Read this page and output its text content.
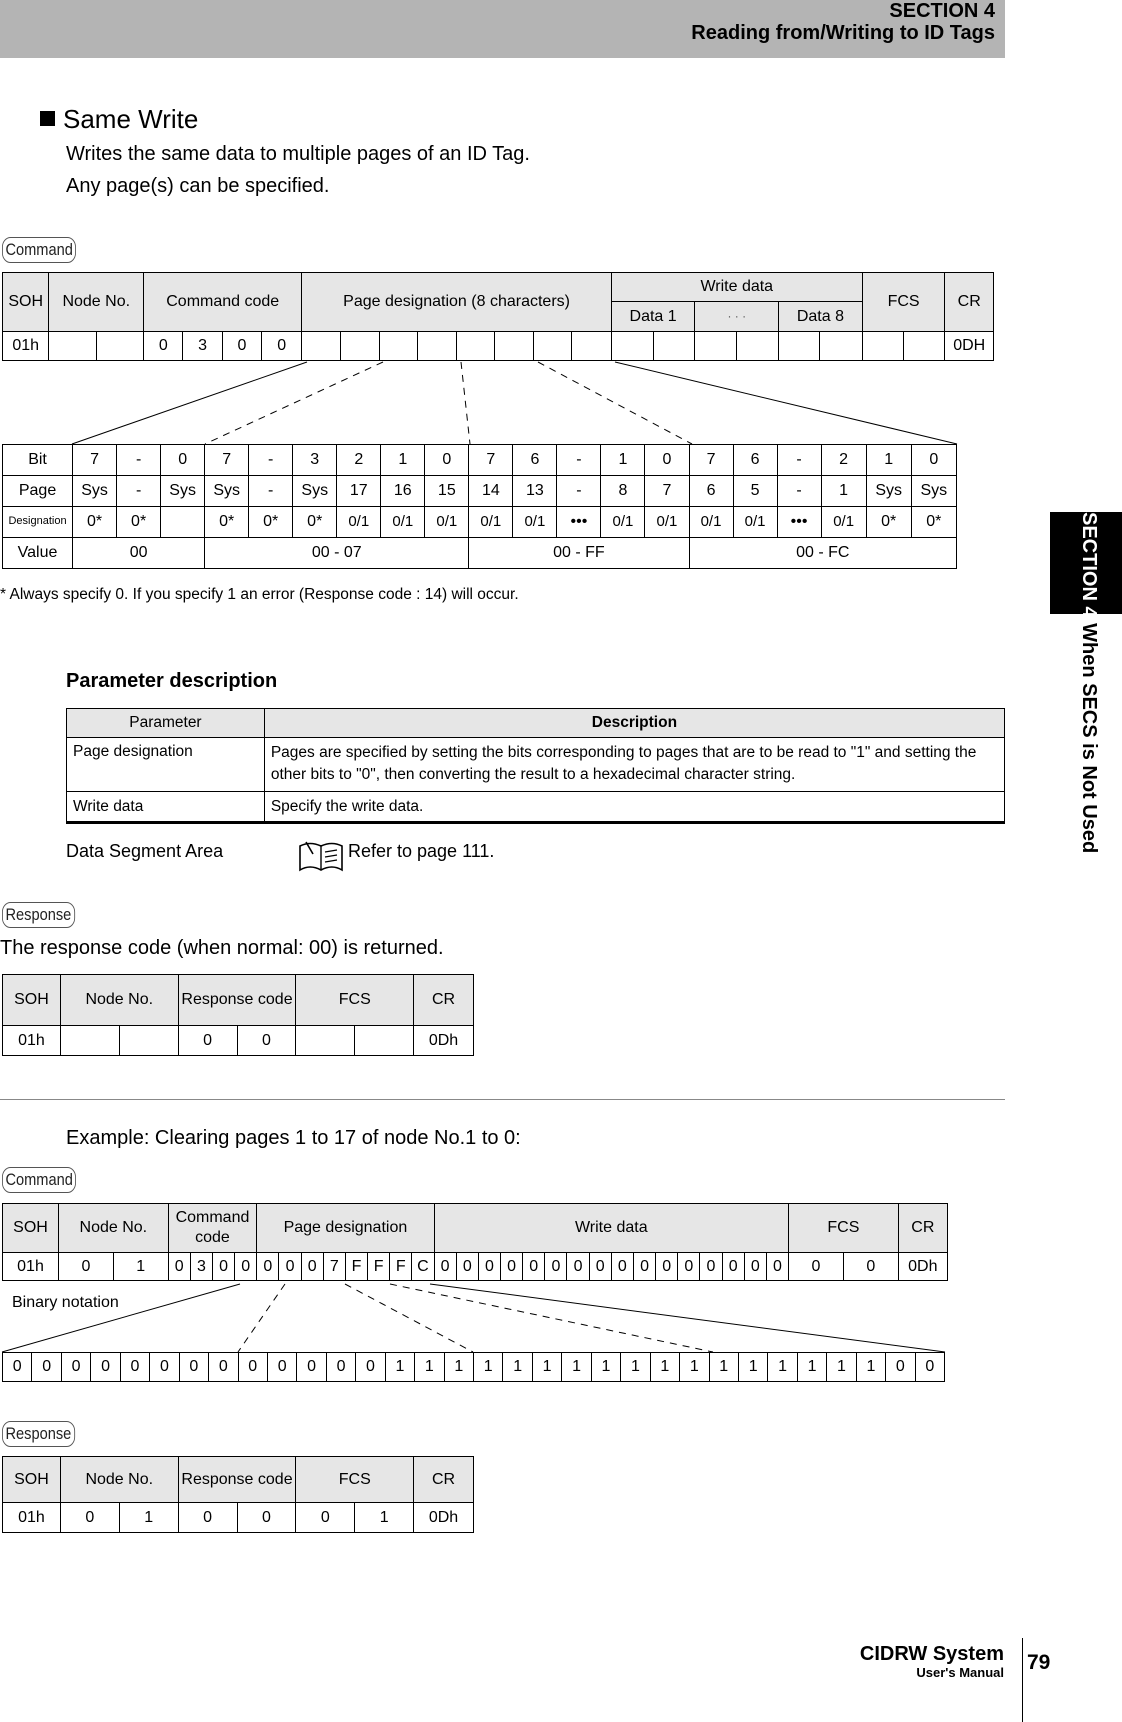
SECTION 4
Reading from/Writing to ID Tags
SECTION 4 When SECS is Not Used
Same Write
Writes the same data to multiple pages of an ID Tag.
Any page(s) can be specified.
Command
SOH	Node No.		Command code				Page designation (8 characters)								Write data						FCS		CR
															Data 1		· · ·		Data 8				
01h			0	3	0	0																	0DH
Bit	7	-	0	7	-	3	2	1	0	7	6	-	1	0	7	6	-	2	1	0
Page	Sys	-	Sys	Sys	-	Sys	17	16	15	14	13	-	8	7	6	5	-	1	Sys	Sys
Designation	0*	0*		0*	0*	0*	0/1	0/1	0/1	0/1	0/1	•••	0/1	0/1	0/1	0/1	•••	0/1	0*	0*
Value	00			00 - 07						00 - FF					00 - FC					
* Always specify 0. If you specify 1 an error (Response code : 14) will occur.
Parameter description
Parameter	Description
Page designation	Pages are specified by setting the bits corresponding to pages that are to be read to "1" and setting the other bits to "0", then converting the result to a hexadecimal character string.
Write data	Specify the write data.
Data Segment Area	Refer to page 111.
Response
The response code (when normal: 00) is returned.
SOH	Node No.		Response code		FCS		CR
01h			0	0			0Dh
Example: Clearing pages 1 to 17 of node No.1 to 0:
Command
SOH	Node No.		Command code				Page designation								Write data																FCS		CR
01h	0	1	0	3	0	0	0	0	0	7	F	F	F	C	0	0	0	0	0	0	0	0	0	0	0	0	0	0	0	0	0	0	0Dh
Binary notation
0	0	0	0	0	0	0	0	0	0	0	0	0	1	1	1	1	1	1	1	1	1	1	1	1	1	1	1	1	1	0	0
Response
SOH	Node No.		Response code		FCS		CR
01h	0	1	0	0	0	1	0Dh
CIDRW System
User's Manual 79
